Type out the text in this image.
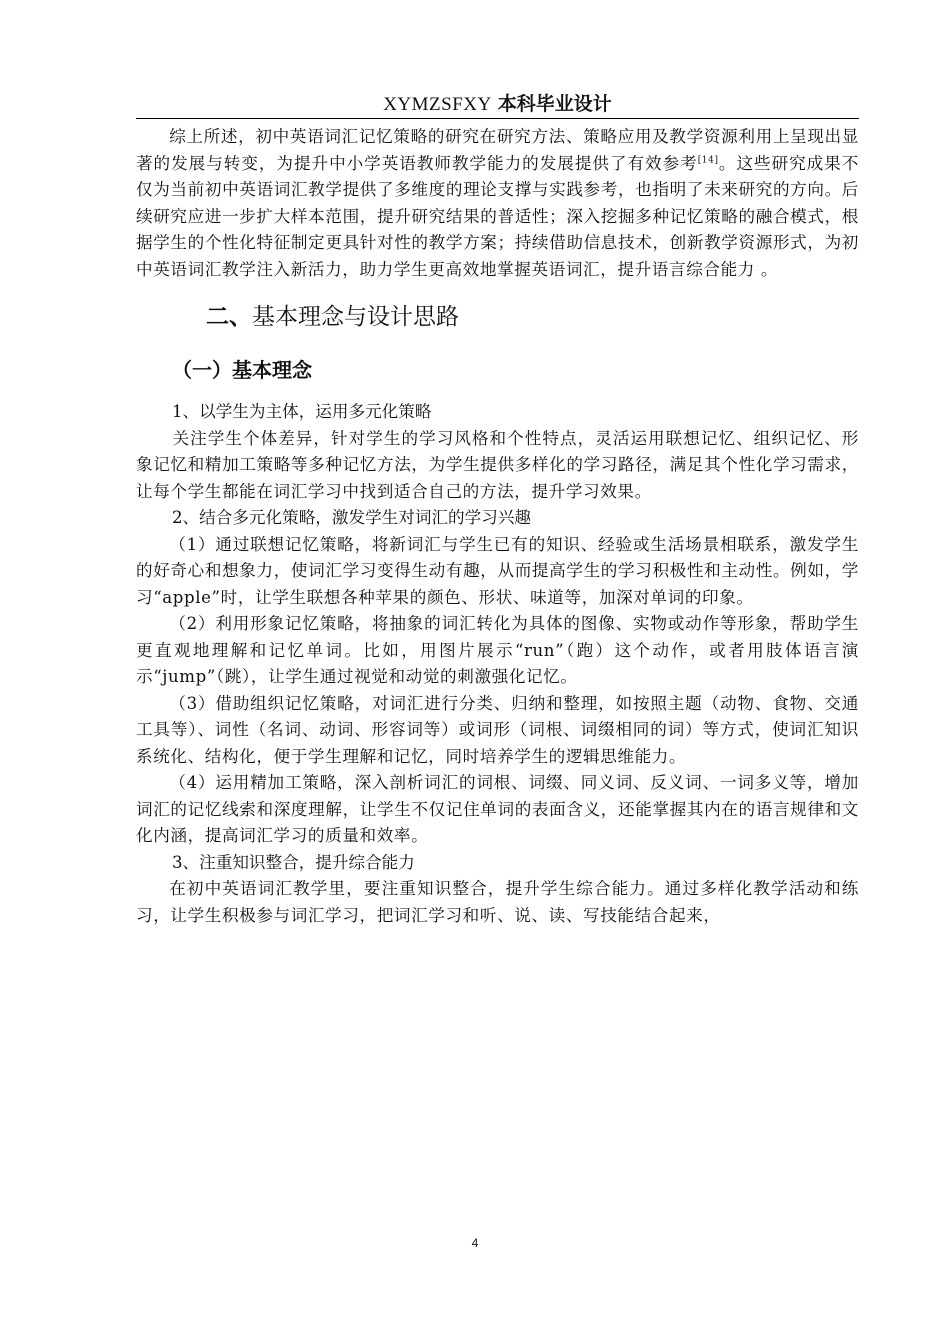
XYMZSFXY 本科毕业设计

综上所述，初中英语词汇记忆策略的研究在研究方法、策略应用及教学资源利用上呈现出显著的发展与转变，为提升中小学英语教师教学能力的发展提供了有效参考[14]。这些研究成果不仅为当前初中英语词汇教学提供了多维度的理论支撑与实践参考，也指明了未来研究的方向。后续研究应进一步扩大样本范围，提升研究结果的普适性；深入挖掘多种记忆策略的融合模式，根据学生的个性化特征制定更具针对性的教学方案；持续借助信息技术，创新教学资源形式，为初中英语词汇教学注入新活力，助力学生更高效地掌握英语词汇，提升语言综合能力 。

二、基本理念与设计思路
（一）基本理念

1、以学生为主体，运用多元化策略

关注学生个体差异，针对学生的学习风格和个性特点，灵活运用联想记忆、组织记忆、形象记忆和精加工策略等多种记忆方法，为学生提供多样化的学习路径，满足其个性化学习需求，让每个学生都能在词汇学习中找到适合自己的方法，提升学习效果。

2、结合多元化策略，激发学生对词汇的学习兴趣

（1）通过联想记忆策略，将新词汇与学生已有的知识、经验或生活场景相联系，激发学生的好奇心和想象力，使词汇学习变得生动有趣，从而提高学生的学习积极性和主动性。例如，学习“apple”时，让学生联想各种苹果的颜色、形状、味道等，加深对单词的印象。

（2）利用形象记忆策略，将抽象的词汇转化为具体的图像、实物或动作等形象，帮助学生更直观地理解和记忆单词。比如，用图片展示“run”（跑）这个动作，或者用肢体语言演示“jump”（跳），让学生通过视觉和动觉的刺激强化记忆。

（3）借助组织记忆策略，对词汇进行分类、归纳和整理，如按照主题（动物、食物、交通工具等）、词性（名词、动词、形容词等）或词形（词根、词缀相同的词）等方式，使词汇知识系统化、结构化，便于学生理解和记忆，同时培养学生的逻辑思维能力。

（4）运用精加工策略，深入剖析词汇的词根、词缀、同义词、反义词、一词多义等，增加词汇的记忆线索和深度理解，让学生不仅记住单词的表面含义，还能掌握其内在的语言规律和文化内涵，提高词汇学习的质量和效率。

3、注重知识整合，提升综合能力

在初中英语词汇教学里，要注重知识整合，提升学生综合能力。通过多样化教学活动和练习，让学生积极参与词汇学习，把词汇学习和听、说、读、写技能结合起来，

4
